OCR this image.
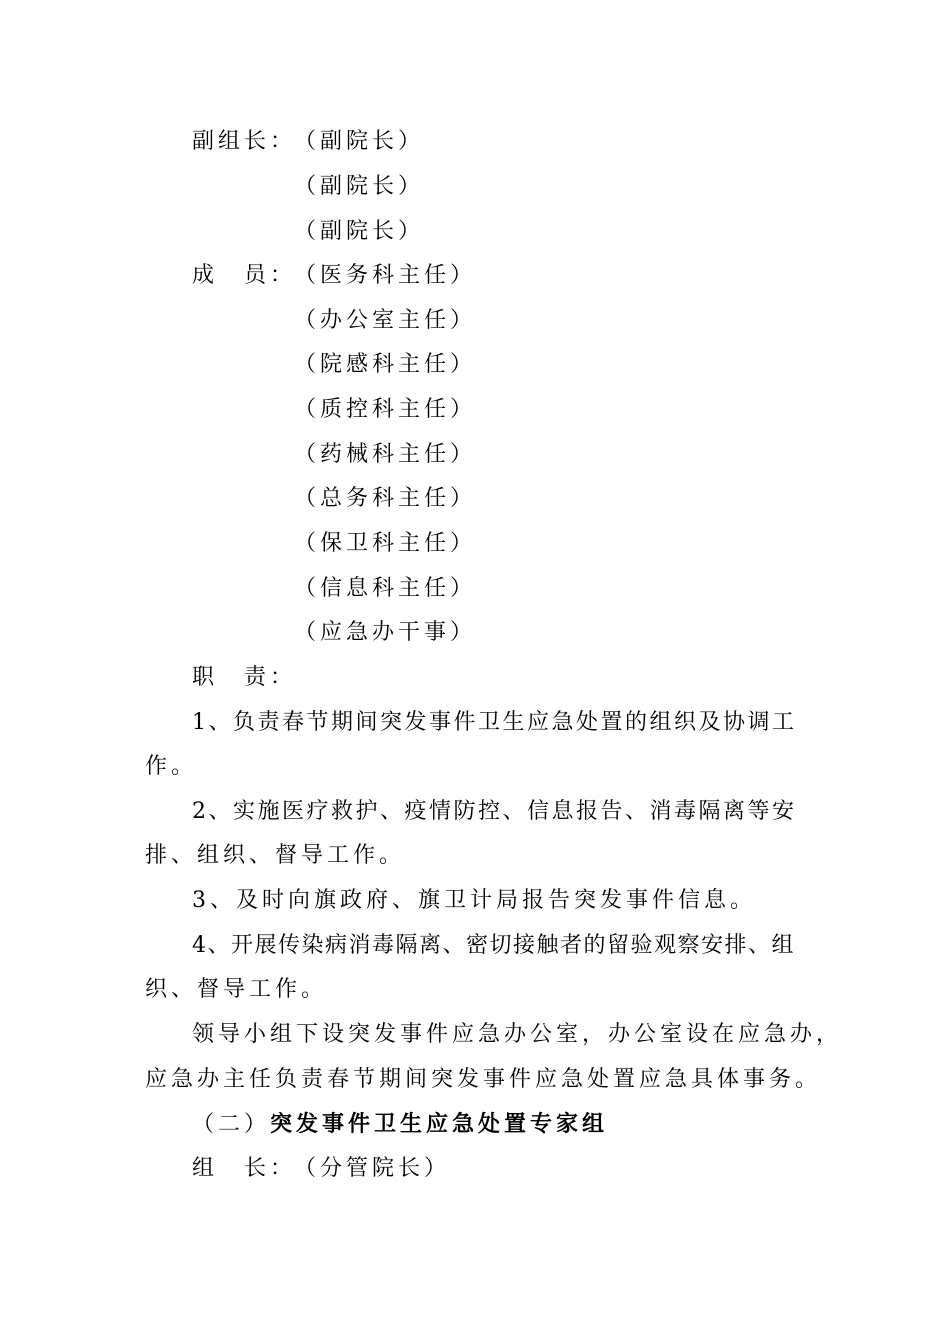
副组长：
（副院长）
（副院长）
（副院长）
成　员：
（医务科主任）
（办公室主任）
（院感科主任）
（质控科主任）
（药械科主任）
（总务科主任）
（保卫科主任）
（信息科主任）
（应急办干事）
职　责：
1、负责春节期间突发事件卫生应急处置的组织及协调工
作。
2、实施医疗救护、疫情防控、信息报告、消毒隔离等安
排、组织、督导工作。
3、及时向旗政府、旗卫计局报告突发事件信息。
4、开展传染病消毒隔离、密切接触者的留验观察安排、组
织、督导工作。
领导小组下设突发事件应急办公室，办公室设在应急办，
应急办主任负责春节期间突发事件应急处置应急具体事务。
（二）突发事件卫生应急处置专家组
组　长：
（分管院长）
